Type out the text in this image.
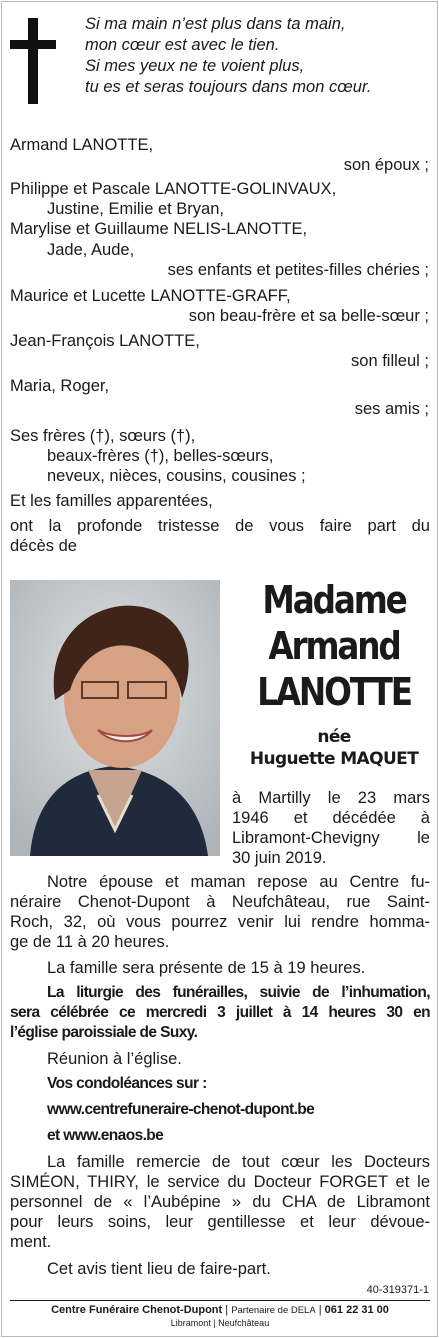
Si ma main n’est plus dans ta main,
mon cœur est avec le tien.
Si mes yeux ne te voient plus,
tu es et seras toujours dans mon cœur.
Armand LANOTTE,
son époux ;
Philippe et Pascale LANOTTE-GOLINVAUX,
Justine, Emilie et Bryan,
Marylise et Guillaume NELIS-LANOTTE,
Jade, Aude,
ses enfants et petites-filles chéries ;
Maurice et Lucette LANOTTE-GRAFF,
son beau-frère et sa belle-sœur ;
Jean-François LANOTTE,
son filleul ;
Maria, Roger,
ses amis ;
Ses frères (†), sœurs (†),
beaux-frères (†), belles-sœurs,
neveux, nièces, cousins, cousines ;
Et les familles apparentées,
ont la profonde tristesse de vous faire part du
décès de
Madame
Armand
LANOTTE
née
Huguette MAQUET
à Martilly le 23 mars
1946 et décédée à
Libramont-Chevigny le
30 juin 2019.
Notre épouse et maman repose au Centre fu-
néraire Chenot-Dupont à Neufchâteau, rue Saint-
Roch, 32, où vous pourrez venir lui rendre homma-
ge de 11 à 20 heures.
La famille sera présente de 15 à 19 heures.
La liturgie des funérailles, suivie de l’inhumation,
sera célébrée ce mercredi 3 juillet à 14 heures 30 en
l’église paroissiale de Suxy.
Réunion à l’église.
Vos condoléances sur :
www.centrefuneraire-chenot-dupont.be
et www.enaos.be
La famille remercie de tout cœur les Docteurs
SIMÉON, THIRY, le service du Docteur FORGET et le
personnel de « l’Aubépine » du CHA de Libramont
pour leurs soins, leur gentillesse et leur dévoue-
ment.
Cet avis tient lieu de faire-part.
40-319371-1
Centre Funéraire Chenot-Dupont | Partenaire de DELA | 061 22 31 00
Libramont | Neufchâteau
